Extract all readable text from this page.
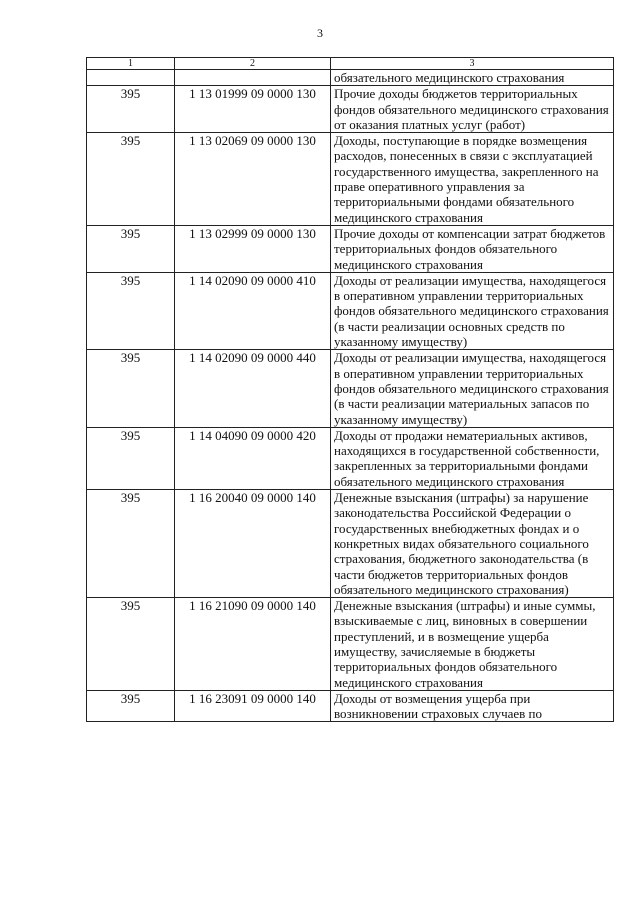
3
1	2	3
		обязательного медицинского страхования
395	1 13 01999 09 0000 130	Прочие доходы бюджетов территориальных фондов обязательного медицинского страхования от оказания платных услуг (работ)
395	1 13 02069 09 0000 130	Доходы, поступающие в порядке возмещения расходов, понесенных в связи с эксплуатацией государственного имущества, закрепленного на праве оперативного управления за территориальными фондами обязательного медицинского страхования
395	1 13 02999 09 0000 130	Прочие доходы от компенсации затрат бюджетов территориальных фондов обязательного медицинского страхования
395	1 14 02090 09 0000 410	Доходы от реализации имущества, находящегося в оперативном управлении территориальных фондов обязательного медицинского страхования (в части реализации основных средств по указанному имуществу)
395	1 14 02090 09 0000 440	Доходы от реализации имущества, находящегося в оперативном управлении территориальных фондов обязательного медицинского страхования (в части реализации материальных запасов по указанному имуществу)
395	1 14 04090 09 0000 420	Доходы от продажи нематериальных активов, находящихся в государственной собственности, закрепленных за территориальными фондами обязательного медицинского страхования
395	1 16 20040 09 0000 140	Денежные взыскания (штрафы) за нарушение законодательства Российской Федерации о государственных внебюджетных фондах и о конкретных видах обязательного социального страхования, бюджетного законодательства (в части бюджетов территориальных фондов обязательного медицинского страхования)
395	1 16 21090 09 0000 140	Денежные взыскания (штрафы) и иные суммы, взыскиваемые с лиц, виновных в совершении преступлений, и в возмещение ущерба имуществу, зачисляемые в бюджеты территориальных фондов обязательного медицинского страхования
395	1 16 23091 09 0000 140	Доходы от возмещения ущерба при возникновении страховых случаев по
